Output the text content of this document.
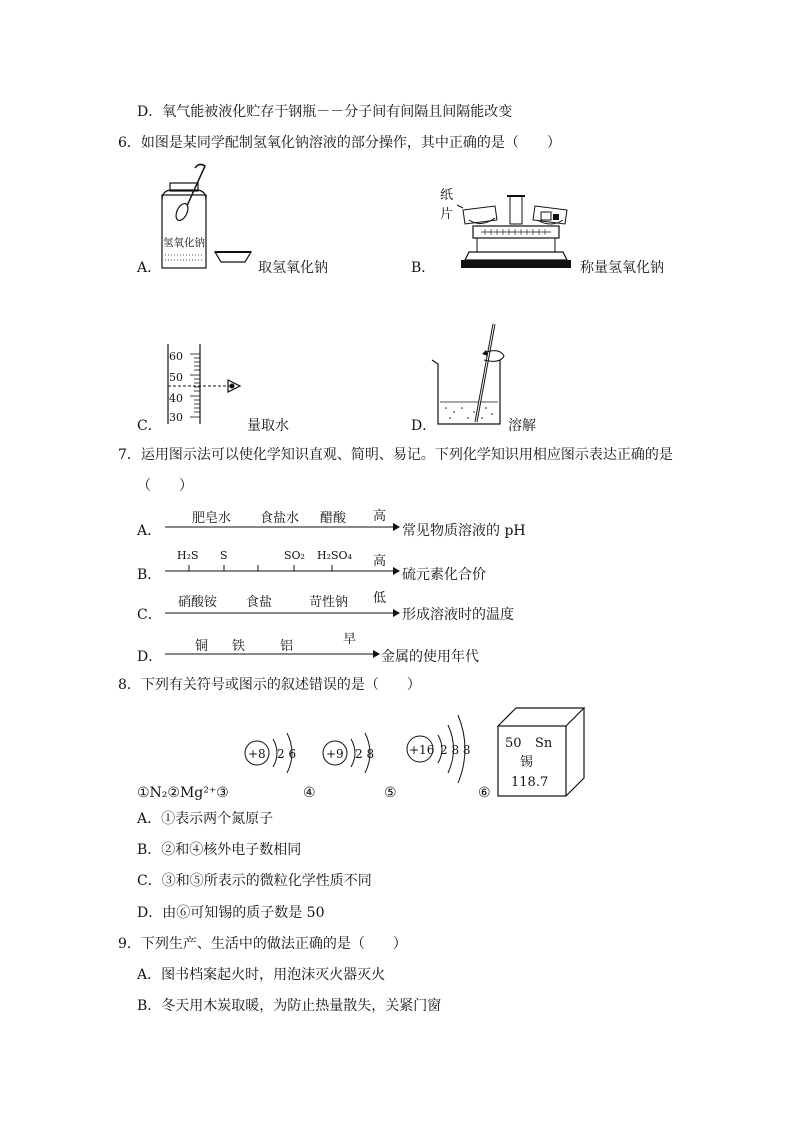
D．氧气能被液化贮存于钢瓶－－分子间有间隔且间隔能改变
6．如图是某同学配制氢氧化钠溶液的部分操作，其中正确的是（　　）
氢氧化钠
A．	取氢氧化钠
纸
片
B．	称量氢氧化钠
60
50
40
30
C．	量取水	D．	溶解
7．运用图示法可以使化学知识直观、简明、易记。下列化学知识用相应图示表达正确的是
（　　）
A．
肥皂水 食盐水 醋酸 高
常见物质溶液的 pH
B．
H₂S S	SO₂ H₂SO₄ 高
硫元素化合价
C．
硝酸铵 食盐	苛性钠 低
形成溶液时的温度
D．
铜 铁	铝	早
金属的使用年代
8．下列有关符号或图示的叙述错误的是（　　）
①N₂②Mg²⁺③
+8 2 6
④
+9 2 8
⑤
+16 2 8 8
⑥
50 Sn
锡
118.7
A．①表示两个氮原子
B．②和④核外电子数相同
C．③和⑤所表示的微粒化学性质不同
D．由⑥可知锡的质子数是 50
9．下列生产、生活中的做法正确的是（　　）
A．图书档案起火时，用泡沫灭火器灭火
B．冬天用木炭取暖，为防止热量散失，关紧门窗
